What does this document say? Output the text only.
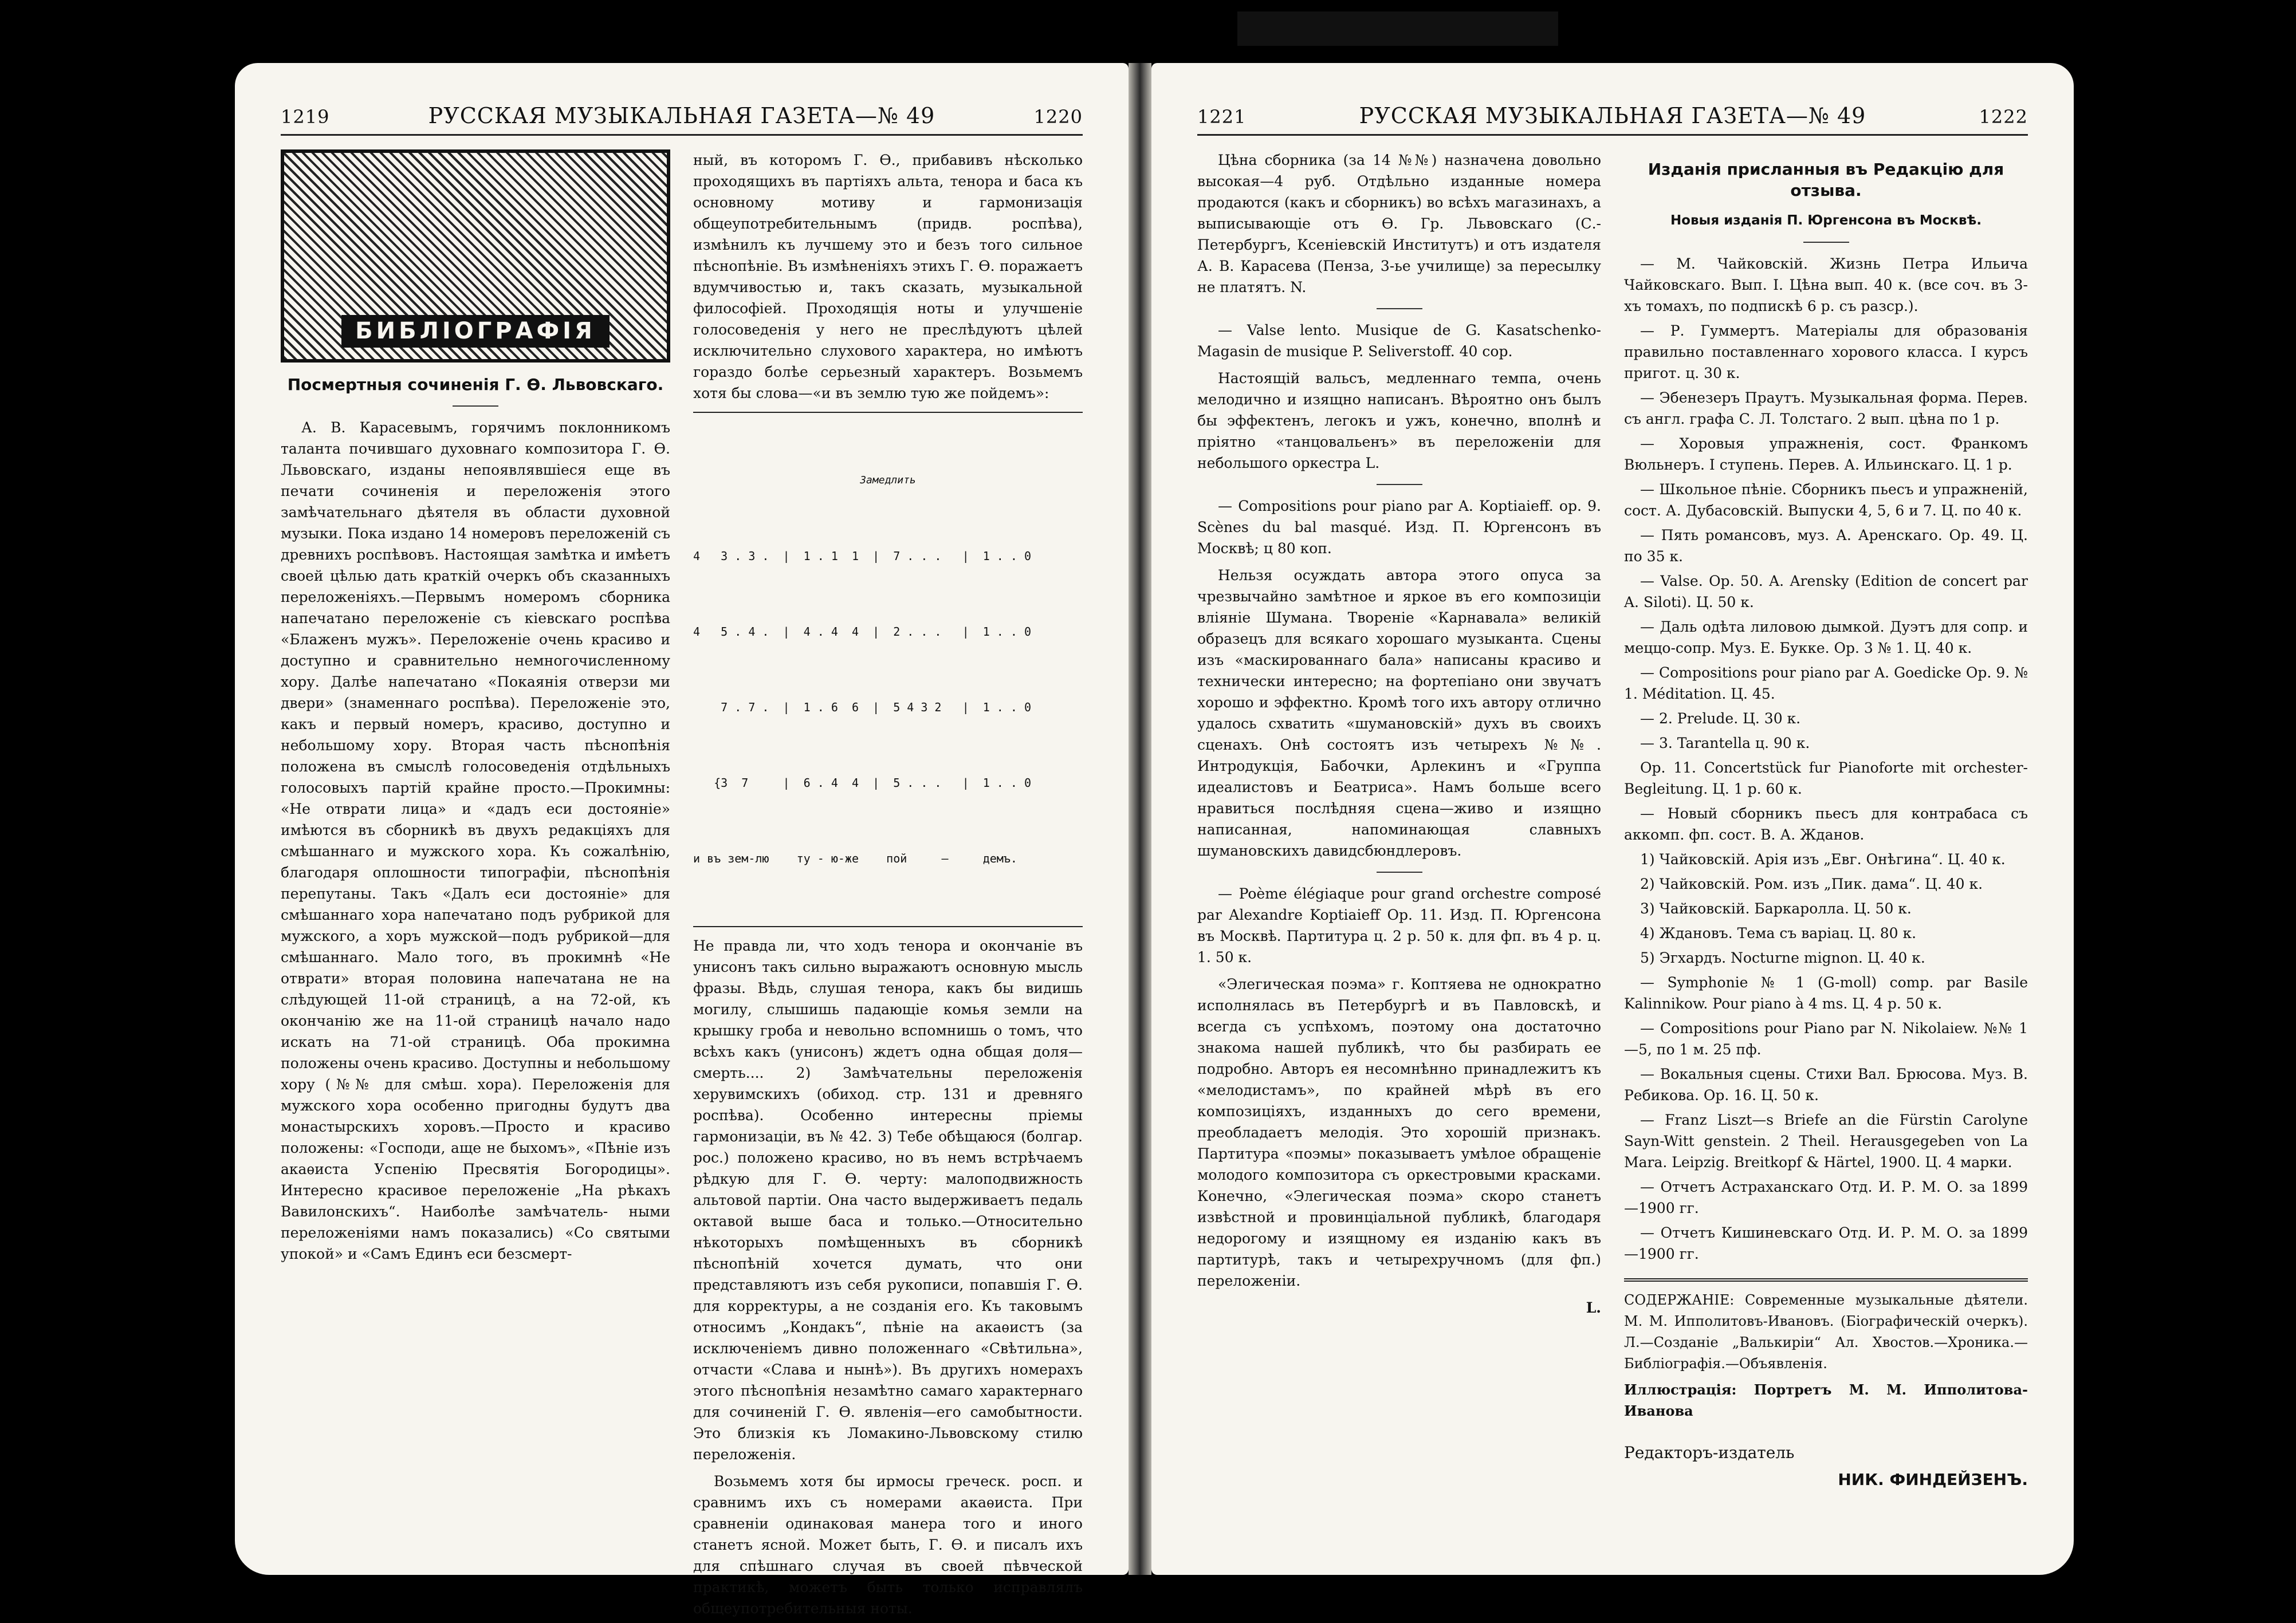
1219	РУССКАЯ МУЗЫКАЛЬНАЯ ГАЗЕТА—№ 49	1220
БИБЛІОГРАФІЯ
Посмертныя сочиненія Г. Ѳ. Львовскаго.

А. В. Карасевымъ, горячимъ поклонникомъ таланта почившаго духовнаго композитора Г. Ѳ. Львовскаго, изданы непоявлявшіеся еще въ печати сочиненія и переложенія этого замѣчательнаго дѣятеля въ области духовной музыки. Пока издано 14 номеровъ переложеній съ древнихъ роспѣвовъ. Настоящая замѣтка и имѣетъ своей цѣлью дать краткій очеркъ объ сказанныхъ переложеніяхъ.—Первымъ номеромъ сборника напечатано переложеніе съ кіевскаго роспѣва «Блаженъ мужъ». Переложеніе очень красиво и доступно и сравнительно немногочисленному хору. Далѣе напечатано «Покаянія отверзи ми двери» (знаменнаго роспѣва). Переложеніе это, какъ и первый номеръ, красиво, доступно и небольшому хору. Вторая часть пѣснопѣнія положена въ смыслѣ голосоведенія отдѣльныхъ голосовыхъ партій крайне просто.—Прокимны: «Не отврати лица» и «дадъ еси достояніе» имѣются въ сборникѣ въ двухъ редакціяхъ для смѣшаннаго и мужского хора. Къ сожалѣнію, благодаря оплошности типографіи, пѣснопѣнія перепутаны. Такъ «Далъ еси достояніе» для смѣшаннаго хора напечатано подъ рубрикой для мужского, а хоръ мужской—подъ рубрикой—для смѣшаннаго. Мало того, въ прокимнѣ «Не отврати» вторая половина напечатана не на слѣдующей 11-ой страницѣ, а на 72-ой, къ окончанію же на 11-ой страницѣ начало надо искать на 71-ой страницѣ. Оба прокимна положены очень красиво. Доступны и небольшому хору (№№ для смѣш. хора). Переложенія для мужского хора особенно пригодны будутъ два монастырскихъ хоровъ.—Просто и красиво положены: «Господи, аще не быхомъ», «Пѣніе изъ акаѳиста Успенію Пресвятія Богородицы». Интересно красивое переложеніе „На рѣкахъ Вавилонскихъ“. Наиболѣе замѣчатель- ными переложеніями намъ показались) «Со святыми упокой» и «Самъ Единъ еси безсмерт-

ный, въ которомъ Г. Ѳ., прибавивъ нѣсколько проходящихъ въ партіяхъ альта, тенора и баса къ основному мотиву и гармонизація общеупотребительнымъ (придв. роспѣва), измѣнилъ къ лучшему это и безъ того сильное пѣснопѣніе. Въ измѣненіяхъ этихъ Г. Ѳ. поражаетъ вдумчивостью и, такъ сказать, музыкальной философіей. Проходящія ноты и улучшеніе голосоведенія у него не преслѣдуютъ цѣлей исключительно слухового характера, но имѣютъ гораздо болѣе серьезный характеръ. Возьмемъ хотя бы слова—«и въ землю тую же пойдемъ»:

Замедлить

4   3 . 3 .  |  1 . 1  1  |  7 . . .   |  1 . . 0

4   5 . 4 .  |  4 . 4  4  |  2 . . .   |  1 . . 0

7 . 7 .  |  1 . 6  6  |  5 4 3 2   |  1 . . 0

{3  7     |  6 . 4  4  |  5 . . .   |  1 . . 0

и въ зем-лю    ту - ю-же    пой     —     демъ.

Не правда ли, что ходъ тенора и окончаніе въ унисонъ такъ сильно выражаютъ основную мысль фразы. Вѣдь, слушая тенора, какъ бы видишь могилу, слышишь падающіе комья земли на крышку гроба и невольно вспомнишь о томъ, что всѣхъ какъ (унисонъ) ждетъ одна общая доля—смерть.... 2) Замѣчательны переложенія херувимскихъ (обиход. стр. 131 и древняго роспѣва). Особенно интересны пріемы гармонизаціи, въ № 42. 3) Тебе обѣщаюся (болгар. рос.) положено красиво, но въ немъ встрѣчаемъ рѣдкую для Г. Ѳ. черту: малоподвижность альтовой партіи. Она часто выдерживаетъ педаль октавой выше баса и только.—Относительно нѣкоторыхъ помѣщенныхъ въ сборникѣ пѣснопѣній хочется думать, что они представляютъ изъ себя рукописи, попавшія Г. Ѳ. для корректуры, а не созданія его. Къ таковымъ относимъ „Кондакъ“, пѣніе на акаѳистъ (за исключеніемъ дивно положеннаго «Свѣтильна», отчасти «Слава и нынѣ»). Въ другихъ номерахъ этого пѣснопѣнія незамѣтно самаго характернаго для сочиненій Г. Ѳ. явленія—его самобытности. Это близкія къ Ломакино-Львовскому стилю переложенія.

Возьмемъ хотя бы ирмосы греческ. росп. и сравнимъ ихъ съ номерами акаѳиста. При сравненіи одинаковая манера того и иного станетъ ясной. Может быть, Г. Ѳ. и писалъ ихъ для спѣшнаго случая въ своей пѣвческой практикѣ, можетъ быть только исправлялъ общеупотребительныя ноты.

1221	РУССКАЯ МУЗЫКАЛЬНАЯ ГАЗЕТА—№ 49	1222

Цѣна сборника (за 14 №№) назначена довольно высокая—4 руб. Отдѣльно изданные номера продаются (какъ и сборникъ) во всѣхъ магазинахъ, а выписывающіе отъ Ѳ. Гр. Львовскаго (С.-Петербургъ, Ксеніевскій Институтъ) и отъ издателя А. В. Карасева (Пенза, 3-ье училище) за пересылку не платятъ. N.

— Valse lento. Musique de G. Kasatschenko-Magasin de musique P. Seliverstoff. 40 cop.

Настоящій вальсъ, медленнаго темпа, очень мелодично и изящно написанъ. Вѣроятно онъ былъ бы эффектенъ, легокъ и ужъ, конечно, вполнѣ и пріятно «танцовальенъ» въ переложеніи для небольшого оркестра L.

— Compositions pour piano par A. Koptiaieff. op. 9. Scènes du bal masqué. Изд. П. Юргенсонъ въ Москвѣ; ц 80 коп.

Нельзя осуждать автора этого опуса за чрезвычайно замѣтное и яркое въ его композиціи вліяніе Шумана. Твореніе «Карнавала» великій образецъ для всякаго хорошаго музыканта. Сцены изъ «маскированнаго бала» написаны красиво и технически интересно; на фортепіано они звучатъ хорошо и эффектно. Кромѣ того ихъ автору отлично удалось схватить «шумановскій» духъ въ своихъ сценахъ. Онѣ состоятъ изъ четырехъ №№. Интродукція, Бабочки, Арлекинъ и «Группа идеалистовъ и Беатриса». Намъ больше всего нравиться послѣдняя сцена—живо и изящно написанная, напоминающая славныхъ шумановскихъ давидсбюндлеровъ.

— Poème élégiaque pour grand orchestre composé par Alexandre Koptiaieff Op. 11. Изд. П. Юргенсона въ Москвѣ. Партитура ц. 2 р. 50 к. для фп. въ 4 р. ц. 1. 50 к.

«Элегическая поэма» г. Коптяева не однократно исполнялась въ Петербургѣ и въ Павловскѣ, и всегда съ успѣхомъ, поэтому она достаточно знакома нашей публикѣ, что бы разбирать ее подробно. Авторъ ея несомнѣнно принадлежитъ къ «мелодистамъ», по крайней мѣрѣ въ его композиціяхъ, изданныхъ до сего времени, преобладаетъ мелодія. Это хорошій признакъ. Партитура «поэмы» показываетъ умѣлое обращеніе молодого композитора съ оркестровыми красками. Конечно, «Элегическая поэма» скоро станетъ извѣстной и провинціальной публикѣ, благодаря недорогому и изящному ея изданію какъ въ партитурѣ, такъ и четырехручномъ (для фп.) переложеніи.

L.
Изданія присланныя въ Редакцію для отзыва.
Новыя изданія П. Юргенсона въ Москвѣ.
— М. Чайковскій. Жизнь Петра Ильича Чайковскаго. Вып. I. Цѣна вып. 40 к. (все соч. въ 3-хъ томахъ, по подпискѣ 6 р. съ разср.).
— Р. Гуммертъ. Матеріалы для образованія правильно поставленнаго хорового класса. I курсъ пригот. ц. 30 к.
— Эбенезеръ Праутъ. Музыкальная форма. Перев. съ англ. графа С. Л. Толстаго. 2 вып. цѣна по 1 р.
— Хоровыя упражненія, сост. Франкомъ Вюльнеръ. I ступень. Перев. А. Ильинскаго. Ц. 1 р.
— Школьное пѣніе. Сборникъ пьесъ и упражненій, сост. А. Дубасовскій. Выпуски 4, 5, 6 и 7. Ц. по 40 к.
— Пять романсовъ, муз. А. Аренскаго. Op. 49. Ц. по 35 к.
— Valse. Op. 50. A. Arensky (Edition de concert par A. Siloti). Ц. 50 к.
— Даль одѣта лиловою дымкой. Дуэтъ для сопр. и меццо-сопр. Муз. Е. Букке. Op. 3 № 1. Ц. 40 к.
— Compositions pour piano par A. Goedicke Op. 9. № 1. Méditation. Ц. 45.
— 2. Prelude. Ц. 30 к.
— 3. Tarantella ц. 90 к.
Op. 11. Concertstück fur Pianoforte mit orchester-Begleitung. Ц. 1 р. 60 к.
— Новый сборникъ пьесъ для контрабаса съ аккомп. фп. сост. В. А. Жданов.
1) Чайковскій. Арія изъ „Евг. Онѣгина“. Ц. 40 к.
2) Чайковскій. Ром. изъ „Пик. дама“. Ц. 40 к.
3) Чайковскій. Баркаролла. Ц. 50 к.
4) Ждановъ. Тема съ варіац. Ц. 80 к.
5) Эгхардъ. Nocturne mignon. Ц. 40 к.
— Symphonie № 1 (G-moll) comp. par Basile Kalinnikow. Pour piano à 4 ms. Ц. 4 р. 50 к.
— Compositions pour Piano par N. Nikolaiew. №№ 1—5, по 1 м. 25 пф.
— Вокальныя сцены. Стихи Вал. Брюсова. Муз. В. Ребикова. Op. 16. Ц. 50 к.
— Franz Liszt—s Briefe an die Fürstin Carolyne Sayn-Witt genstein. 2 Theil. Herausgegeben von La Mara. Leipzig. Breitkopf & Härtel, 1900. Ц. 4 марки.
— Отчетъ Астраханскаго Отд. И. Р. М. О. за 1899—1900 гг.
— Отчетъ Кишиневскаго Отд. И. Р. М. О. за 1899—1900 гг.
СОДЕРЖАНІЕ: Современные музыкальные дѣятели. М. М. Ипполитовъ-Ивановъ. (Біографическій очеркъ). Л.—Созданіе „Валькиріи“ Ал. Хвостов.—Хроника.—Библіографія.—Объявленія.
Иллюстрація: Портретъ М. М. Ипполитова-Иванова
Редакторъ-издатель
НИК. ФИНДЕЙЗЕНЪ.
